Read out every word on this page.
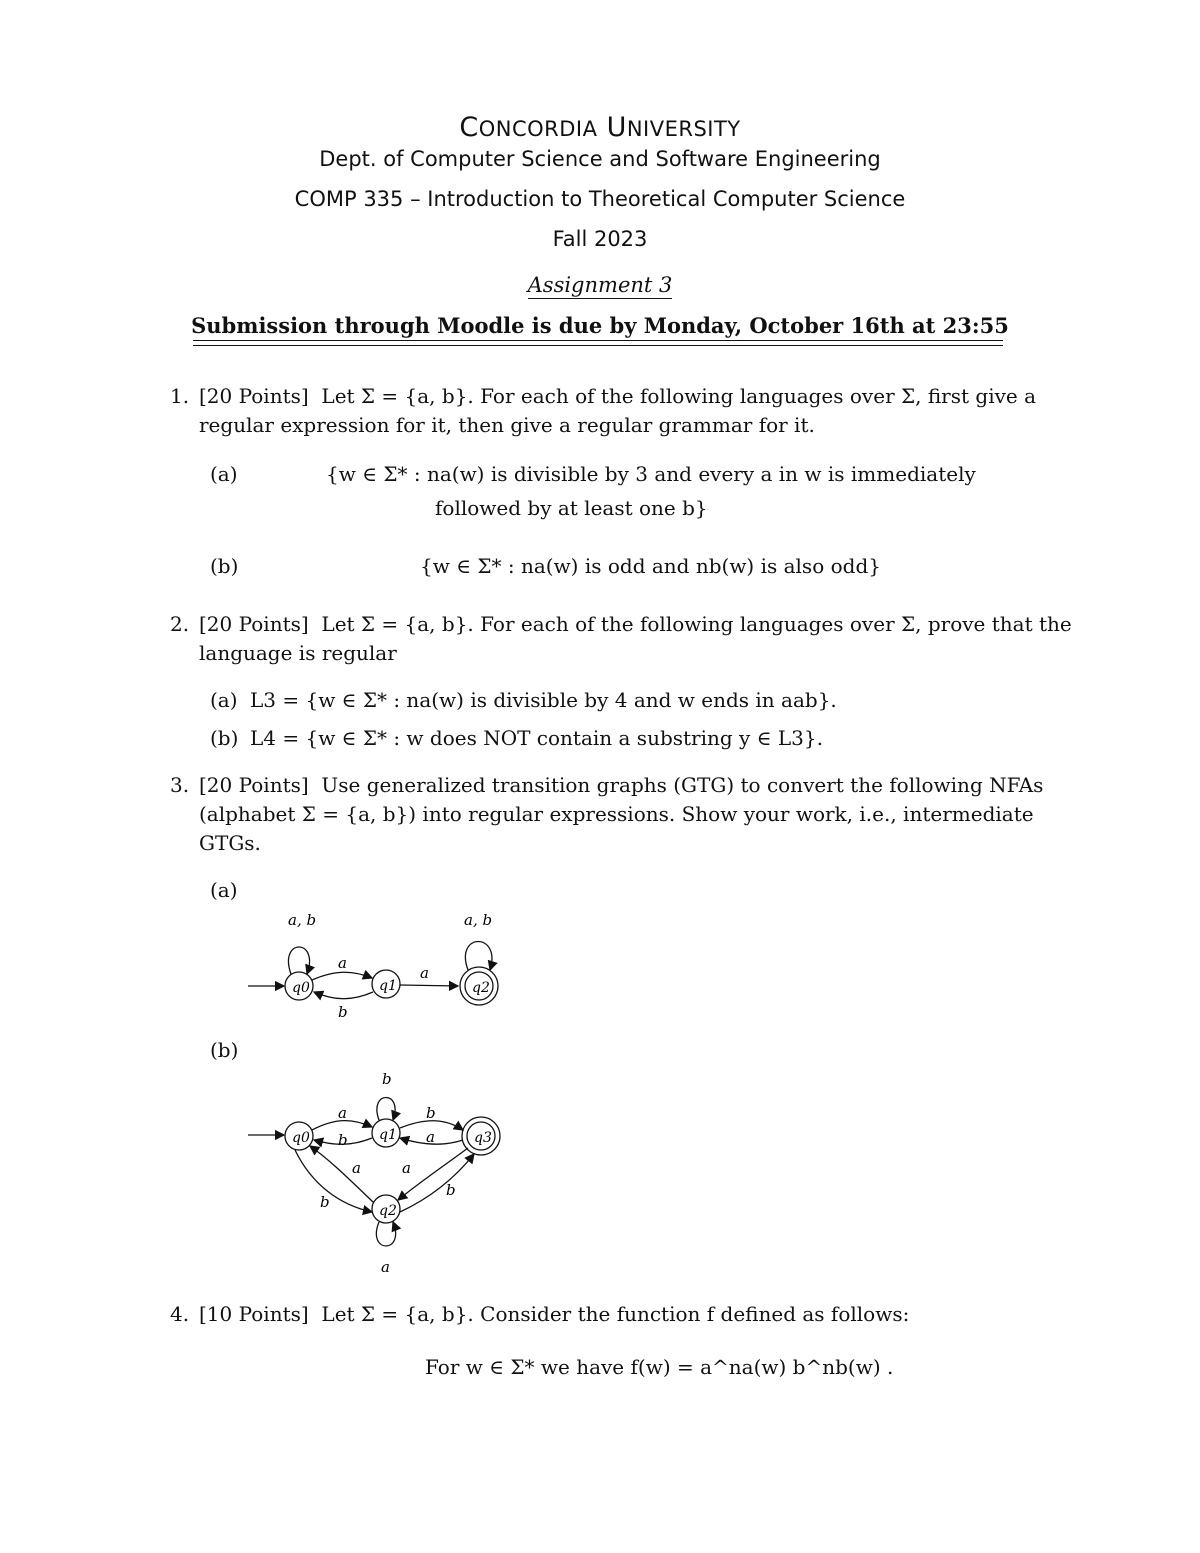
CONCORDIA UNIVERSITY
Dept. of Computer Science and Software Engineering
COMP 335 – Introduction to Theoretical Computer Science
Fall 2023
Assignment 3
Submission through Moodle is due by Monday, October 16th at 23:55
1. [20 Points] Let Σ = {a, b}. For each of the following languages over Σ, first give a
regular expression for it, then give a regular grammar for it.
(a)	{w ∈ Σ* : na(w) is divisible by 3 and every a in w is immediately
followed by at least one b}
(b)	{w ∈ Σ* : na(w) is odd and nb(w) is also odd}
2. [20 Points] Let Σ = {a, b}. For each of the following languages over Σ, prove that the
language is regular
(a) L3 = {w ∈ Σ* : na(w) is divisible by 4 and w ends in aab}.
(b) L4 = {w ∈ Σ* : w does NOT contain a substring y ∈ L3}.
3. [20 Points] Use generalized transition graphs (GTG) to convert the following NFAs
(alphabet Σ = {a, b}) into regular expressions. Show your work, i.e., intermediate
GTGs.
(a)
q0	q1	q2
a, b	a, b
a
b
a
(b)
q0	q1	q3
q2
b
a
b
b
a
a
b
a
b
a
4. [10 Points] Let Σ = {a, b}. Consider the function f defined as follows:
For w ∈ Σ* we have f(w) = a^na(w) b^nb(w) .
